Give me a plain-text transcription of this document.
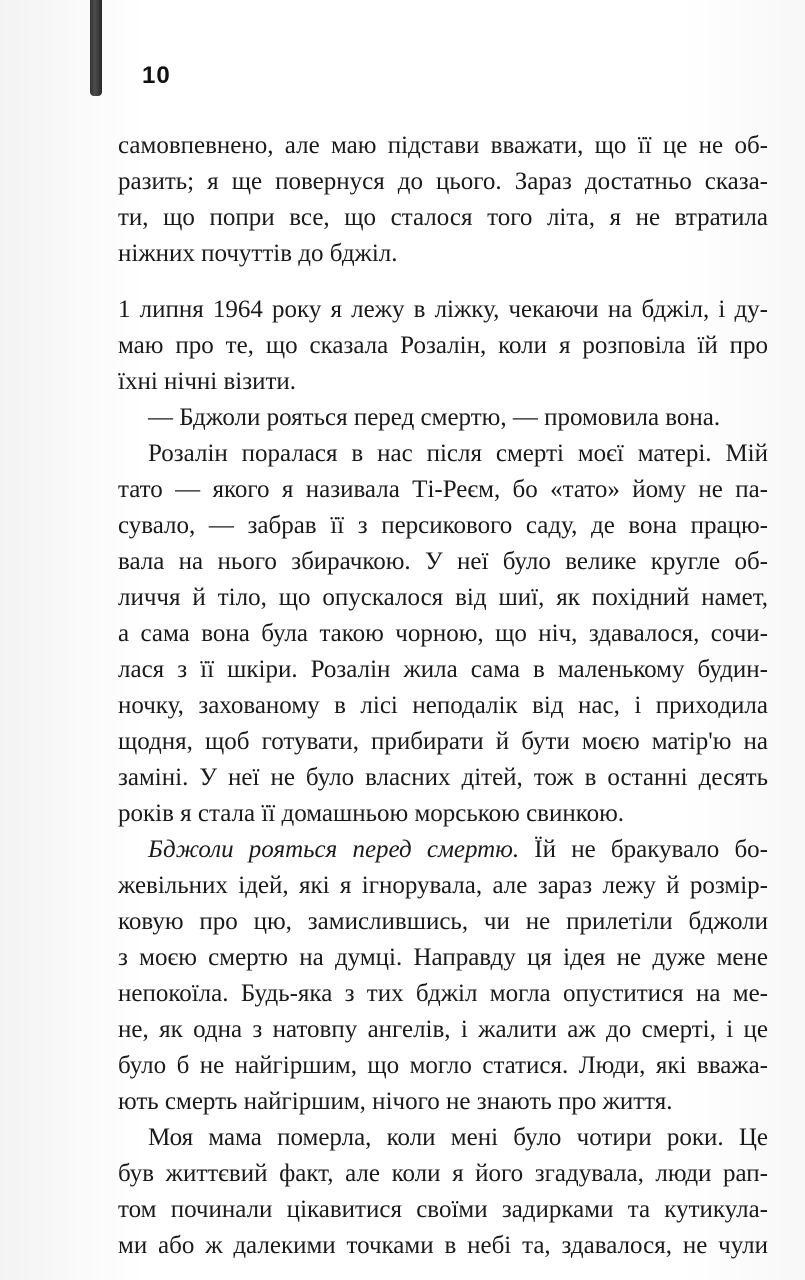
10
самовпевнено, але маю підстави вважати, що її це не об-
разить; я ще повернуся до цього. Зараз достатньо сказа-
ти, що попри все, що сталося того літа, я не втратила
ніжних почуттів до бджіл.
1 липня 1964 року я лежу в ліжку, чекаючи на бджіл, і ду-
маю про те, що сказала Розалін, коли я розповіла їй про
їхні нічні візити.
— Бджоли рояться перед смертю, — промовила вона.
Розалін поралася в нас після смерті моєї матері. Мій
тато — якого я називала Ті-Реєм, бо «тато» йому не па-
сувало, — забрав її з персикового саду, де вона працю-
вала на нього збирачкою. У неї було велике кругле об-
личчя й тіло, що опускалося від шиї, як похідний намет,
а сама вона була такою чорною, що ніч, здавалося, сочи-
лася з її шкіри. Розалін жила сама в маленькому будин-
ночку, захованому в лісі неподалік від нас, і приходила
щодня, щоб готувати, прибирати й бути моєю матір'ю на
заміні. У неї не було власних дітей, тож в останні десять
років я стала її домашньою морською свинкою.
Бджоли рояться перед смертю. Їй не бракувало бо-
жевільних ідей, які я ігнорувала, але зараз лежу й розмір-
ковую про цю, замислившись, чи не прилетіли бджоли
з моєю смертю на думці. Направду ця ідея не дуже мене
непокоїла. Будь-яка з тих бджіл могла опуститися на ме-
не, як одна з натовпу ангелів, і жалити аж до смерті, і це
було б не найгіршим, що могло статися. Люди, які вважа-
ють смерть найгіршим, нічого не знають про життя.
Моя мама померла, коли мені було чотири роки. Це
був життєвий факт, але коли я його згадувала, люди рап-
том починали цікавитися своїми задирками та кутикула-
ми або ж далекими точками в небі та, здавалося, не чули
